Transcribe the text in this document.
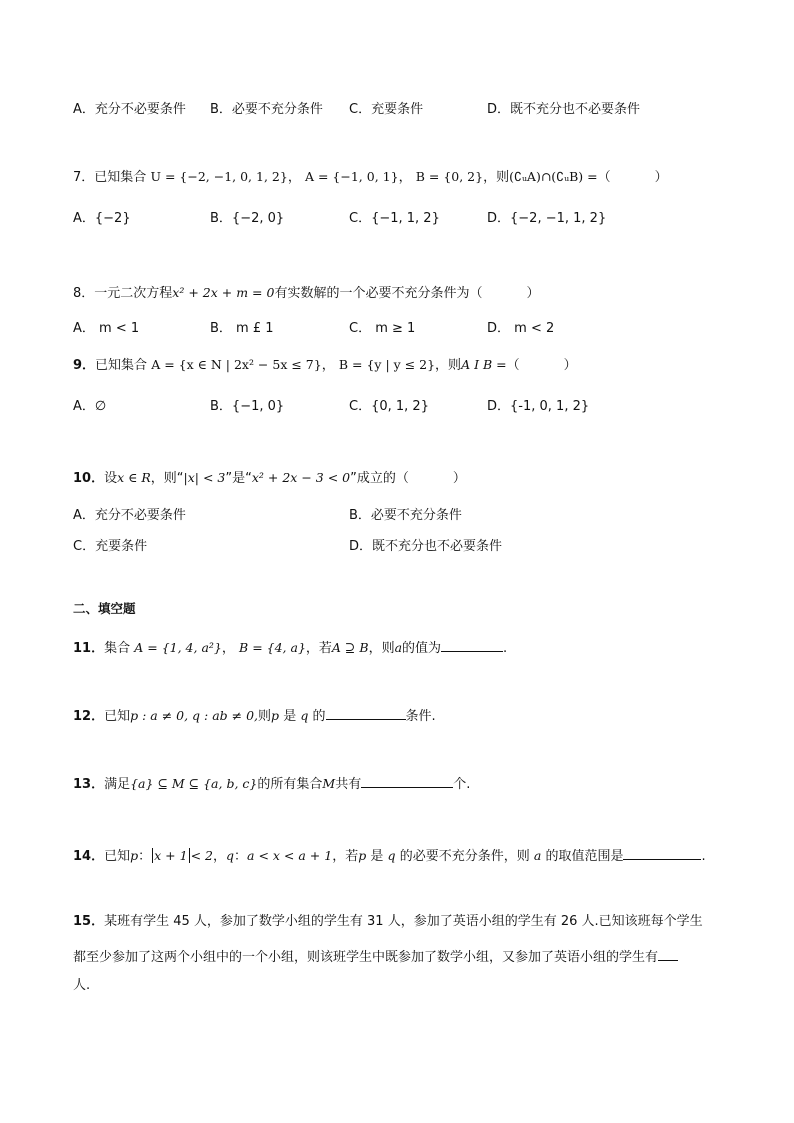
A．充分不必要条件 B．必要不充分条件 C．充要条件	D．既不充分也不必要条件
7．已知集合 U = {−2, −1, 0, 1, 2}， A = {−1, 0, 1}， B = {0, 2}，则(∁ᵤA)∩(∁ᵤB) =（	）
A．{−2}	B．{−2, 0}	C．{−1, 1, 2}	D．{−2, −1, 1, 2}
8．一元二次方程x² + 2x + m = 0有实数解的一个必要不充分条件为（	）
A． m < 1	B． m £ 1	C． m ≥ 1	D． m < 2
9．已知集合 A = {x ∈ N | 2x² − 5x ≤ 7}， B = {y | y ≤ 2}，则A I B =（	）
A．∅	B．{−1, 0}	C．{0, 1, 2}	D．{-1, 0, 1, 2}
10．设x ∈ R，则“|x| < 3”是“x² + 2x − 3 < 0”成立的（	）
A．充分不必要条件	B．必要不充分条件
C．充要条件	D．既不充分也不必要条件
二、填空题
11．集合 A = {1, 4, a²}， B = {4, a}，若A ⊇ B，则a的值为	.
12．已知p : a ≠ 0, q : ab ≠ 0,则p 是 q 的	条件.
13．满足{a} ⊆ M ⊆ {a, b, c}的所有集合M共有	个.
14．已知p： x + 1 < 2，q：a < x < a + 1，若p 是 q 的必要不充分条件，则 a 的取值范围是	.
15．某班有学生 45 人，参加了数学小组的学生有 31 人，参加了英语小组的学生有 26 人.已知该班每个学生
都至少参加了这两个小组中的一个小组，则该班学生中既参加了数学小组，又参加了英语小组的学生有
人.
